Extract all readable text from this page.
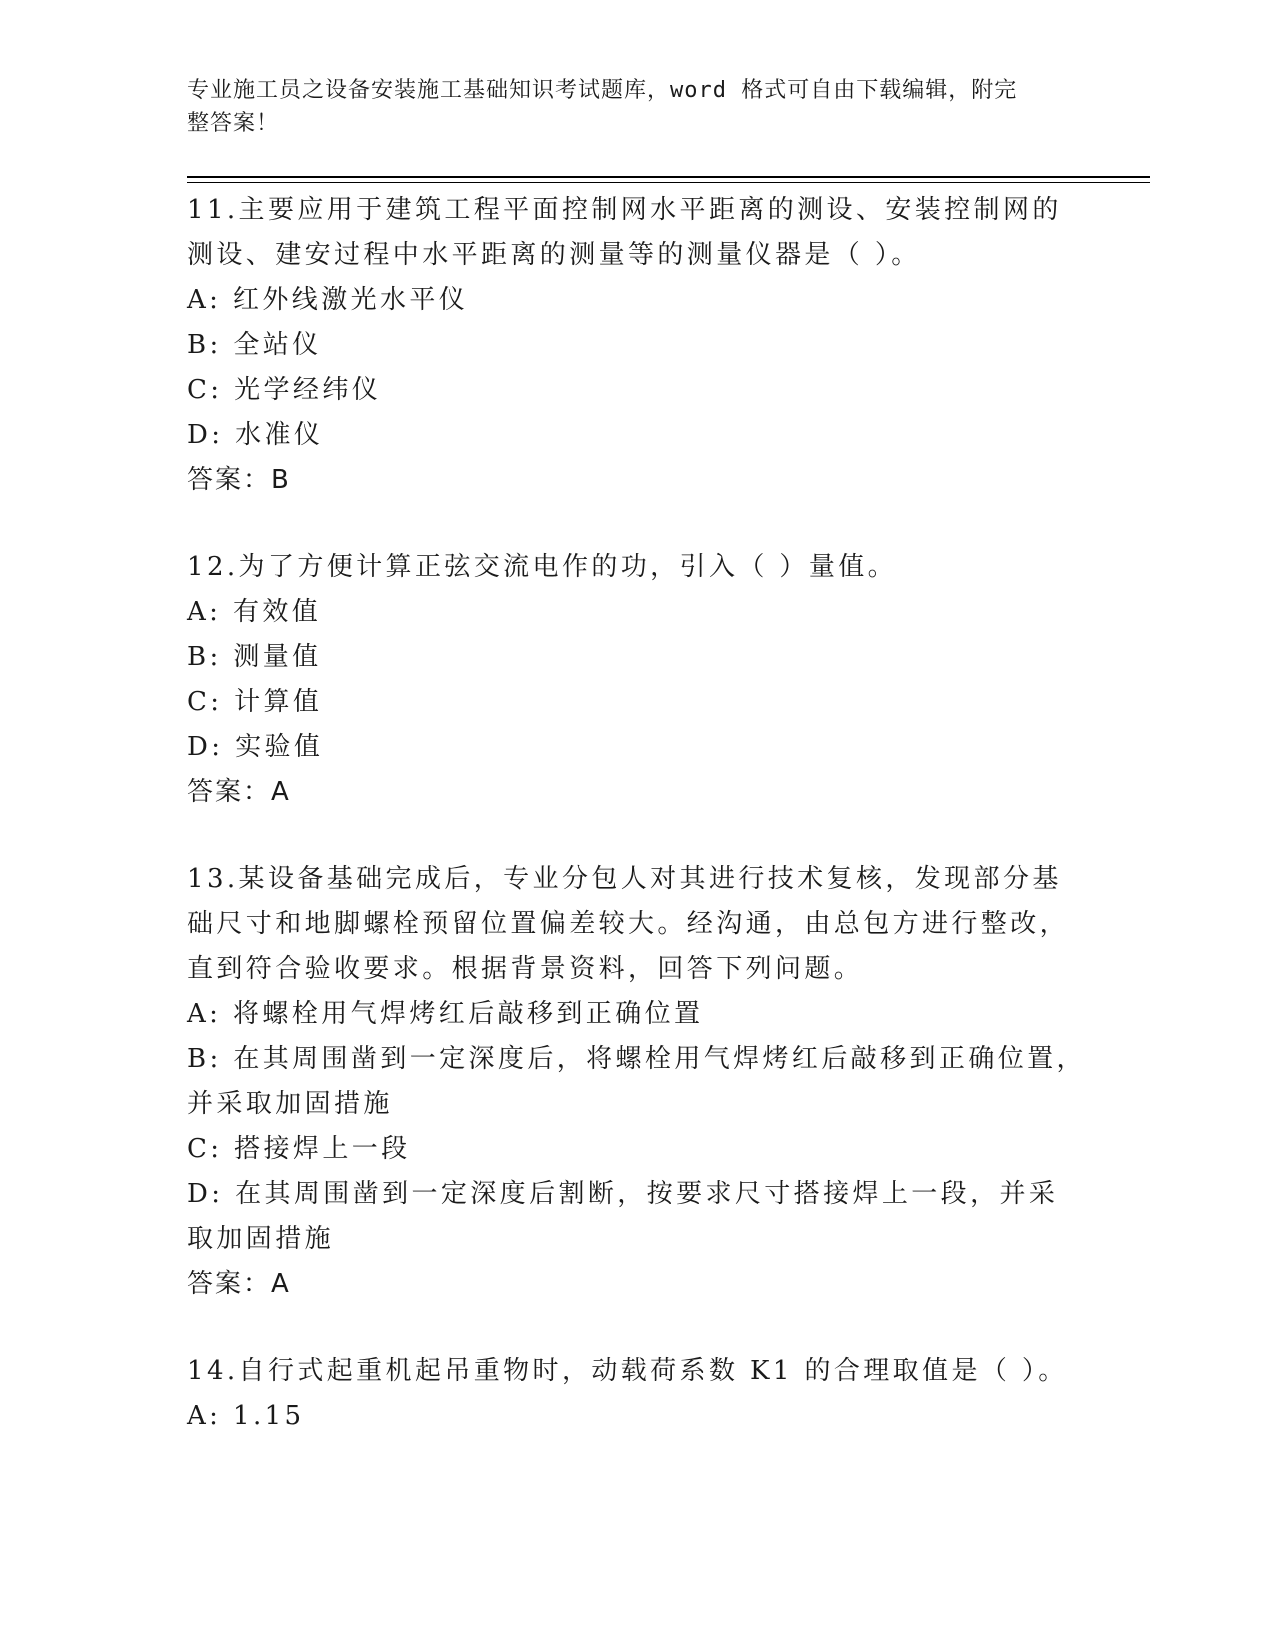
专业施工员之设备安装施工基础知识考试题库，word 格式可自由下载编辑，附完
整答案！

11.主要应用于建筑工程平面控制网水平距离的测设、安装控制网的测设、建安过程中水平距离的测量等的测量仪器是（ ）。

A: 红外线激光水平仪

B: 全站仪

C: 光学经纬仪

D: 水准仪

答案：B

12.为了方便计算正弦交流电作的功，引入（ ）量值。

A: 有效值

B: 测量值

C: 计算值

D: 实验值

答案：A

13.某设备基础完成后，专业分包人对其进行技术复核，发现部分基础尺寸和地脚螺栓预留位置偏差较大。经沟通，由总包方进行整改，直到符合验收要求。根据背景资料，回答下列问题。

A: 将螺栓用气焊烤红后敲移到正确位置

B: 在其周围凿到一定深度后，将螺栓用气焊烤红后敲移到正确位置，并采取加固措施

C: 搭接焊上一段

D: 在其周围凿到一定深度后割断，按要求尺寸搭接焊上一段，并采取加固措施

答案：A

14.自行式起重机起吊重物时，动载荷系数 K1 的合理取值是（ ）。

A: 1.15
